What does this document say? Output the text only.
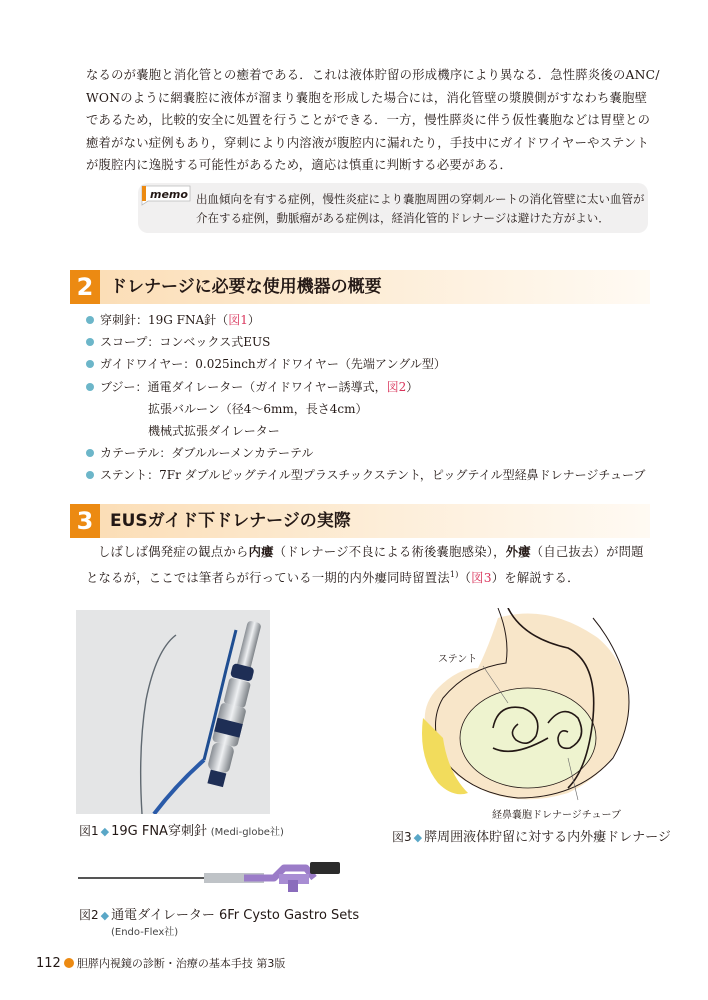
なるのが嚢胞と消化管との癒着である．これは液体貯留の形成機序により異なる．急性膵炎後のANC/

WONのように網嚢腔に液体が溜まり嚢胞を形成した場合には，消化管壁の漿膜側がすなわち嚢胞壁

であるため，比較的安全に処置を行うことができる．一方，慢性膵炎に伴う仮性嚢胞などは胃壁との

癒着がない症例もあり，穿刺により内溶液が腹腔内に漏れたり，手技中にガイドワイヤーやステント

が腹腔内に逸脱する可能性があるため，適応は慎重に判断する必要がある．

memo 出血傾向を有する症例，慢性炎症により嚢胞周囲の穿刺ルートの消化管壁に太い血管が
介在する症例，動脈瘤がある症例は，経消化管的ドレナージは避けた方がよい．
2 ドレナージに必要な使用機器の概要
穿刺針：19G FNA針（図1）
スコープ：コンベックス式EUS
ガイドワイヤー：0.025inchガイドワイヤー（先端アングル型）
ブジー：通電ダイレーター（ガイドワイヤー誘導式，図2）
拡張バルーン（径4～6mm，長さ4cm）
機械式拡張ダイレーター
カテーテル：ダブルルーメンカテーテル
ステント：7Fr ダブルピッグテイル型プラスチックステント，ピッグテイル型経鼻ドレナージチューブ
3 EUSガイド下ドレナージの実際

しばしば偶発症の観点から内瘻（ドレナージ不良による術後嚢胞感染），外瘻（自己抜去）が問題

となるが，ここでは筆者らが行っている一期的内外瘻同時留置法$^{1)}$（図3）を解説する．

図1 ◆ 19G FNA穿刺針 (Medi-globe社)
図2 ◆ 通電ダイレーター 6Fr Cysto Gastro Sets
(Endo-Flex社)
ステント
経鼻嚢胞ドレナージチューブ
図3 ◆ 膵周囲液体貯留に対する内外瘻ドレナージ
112 胆膵内視鏡の診断・治療の基本手技 第3版
